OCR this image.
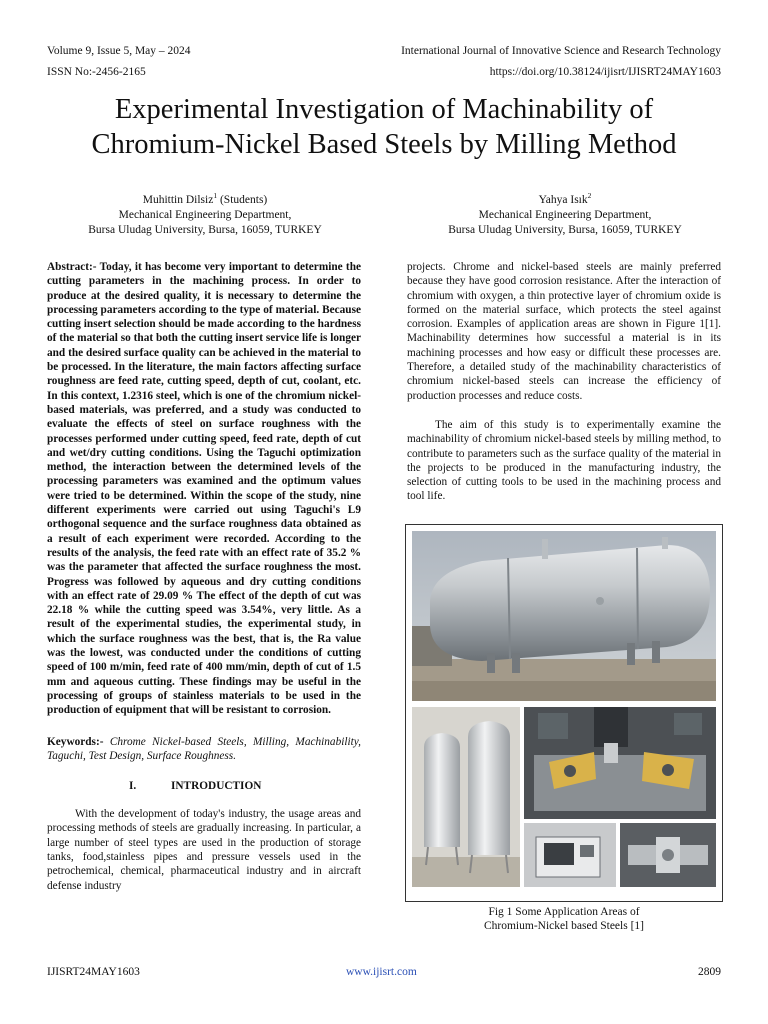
Volume 9, Issue 5, May – 2024
ISSN No:-2456-2165
International Journal of Innovative Science and Research Technology
https://doi.org/10.38124/ijisrt/IJISRT24MAY1603
Experimental Investigation of Machinability of
Chromium-Nickel Based Steels by Milling Method
Muhittin Dilsiz$^1$ (Students)
Mechanical Engineering Department,
Bursa Uludag University, Bursa, 16059, TURKEY
Yahya Isık$^2$
Mechanical Engineering Department,
Bursa Uludag University, Bursa, 16059, TURKEY

Abstract:- Today, it has become very important to determine the cutting parameters in the machining process. In order to produce at the desired quality, it is necessary to determine the processing parameters according to the type of material. Because cutting insert selection should be made according to the hardness of the material so that both the cutting insert service life is longer and the desired surface quality can be achieved in the material to be processed. In the literature, the main factors affecting surface roughness are feed rate, cutting speed, depth of cut, coolant, etc. In this context, 1.2316 steel, which is one of the chromium nickel-based materials, was preferred, and a study was conducted to evaluate the effects of steel on surface roughness with the processes performed under cutting speed, feed rate, depth of cut and wet/dry cutting conditions. Using the Taguchi optimization method, the interaction between the determined levels of the processing parameters was examined and the optimum values were tried to be determined. Within the scope of the study, nine different experiments were carried out using Taguchi's L9 orthogonal sequence and the surface roughness data obtained as a result of each experiment were recorded. According to the results of the analysis, the feed rate with an effect rate of 35.2 % was the parameter that affected the surface roughness the most. Progress was followed by aqueous and dry cutting conditions with an effect rate of 29.09 % The effect of the depth of cut was 22.18 % while the cutting speed was 3.54%, very little. As a result of the experimental studies, the experimental study, in which the surface roughness was the best, that is, the Ra value was the lowest, was conducted under the conditions of cutting speed of 100 m/min, feed rate of 400 mm/min, depth of cut of 1.5 mm and aqueous cutting. These findings may be useful in the processing of groups of stainless materials to be used in the production of equipment that will be resistant to corrosion.

Keywords:- Chrome Nickel-based Steels, Milling, Machinability, Taguchi, Test Design, Surface Roughness.

I.	INTRODUCTION

With the development of today's industry, the usage areas and processing methods of steels are gradually increasing. In particular, a large number of steel types are used in the production of storage tanks, food,stainless pipes and pressure vessels used in the petrochemical, chemical, pharmaceutical industry and in aircraft defense industry

projects. Chrome and nickel-based steels are mainly preferred because they have good corrosion resistance. After the interaction of chromium with oxygen, a thin protective layer of chromium oxide is formed on the material surface, which protects the steel against corrosion. Examples of application areas are shown in Figure 1[1]. Machinability determines how successful a material is in its machining processes and how easy or difficult these processes are. Therefore, a detailed study of the machinability characteristics of chromium nickel-based steels can increase the efficiency of production processes and reduce costs.

The aim of this study is to experimentally examine the machinability of chromium nickel-based steels by milling method, to contribute to parameters such as the surface quality of the material in the projects to be produced in the manufacturing industry, the selection of cutting tools to be used in the machining process and tool life.

Fig 1 Some Application Areas of
Chromium-Nickel based Steels [1]
IJISRT24MAY1603	www.ijisrt.com	2809
